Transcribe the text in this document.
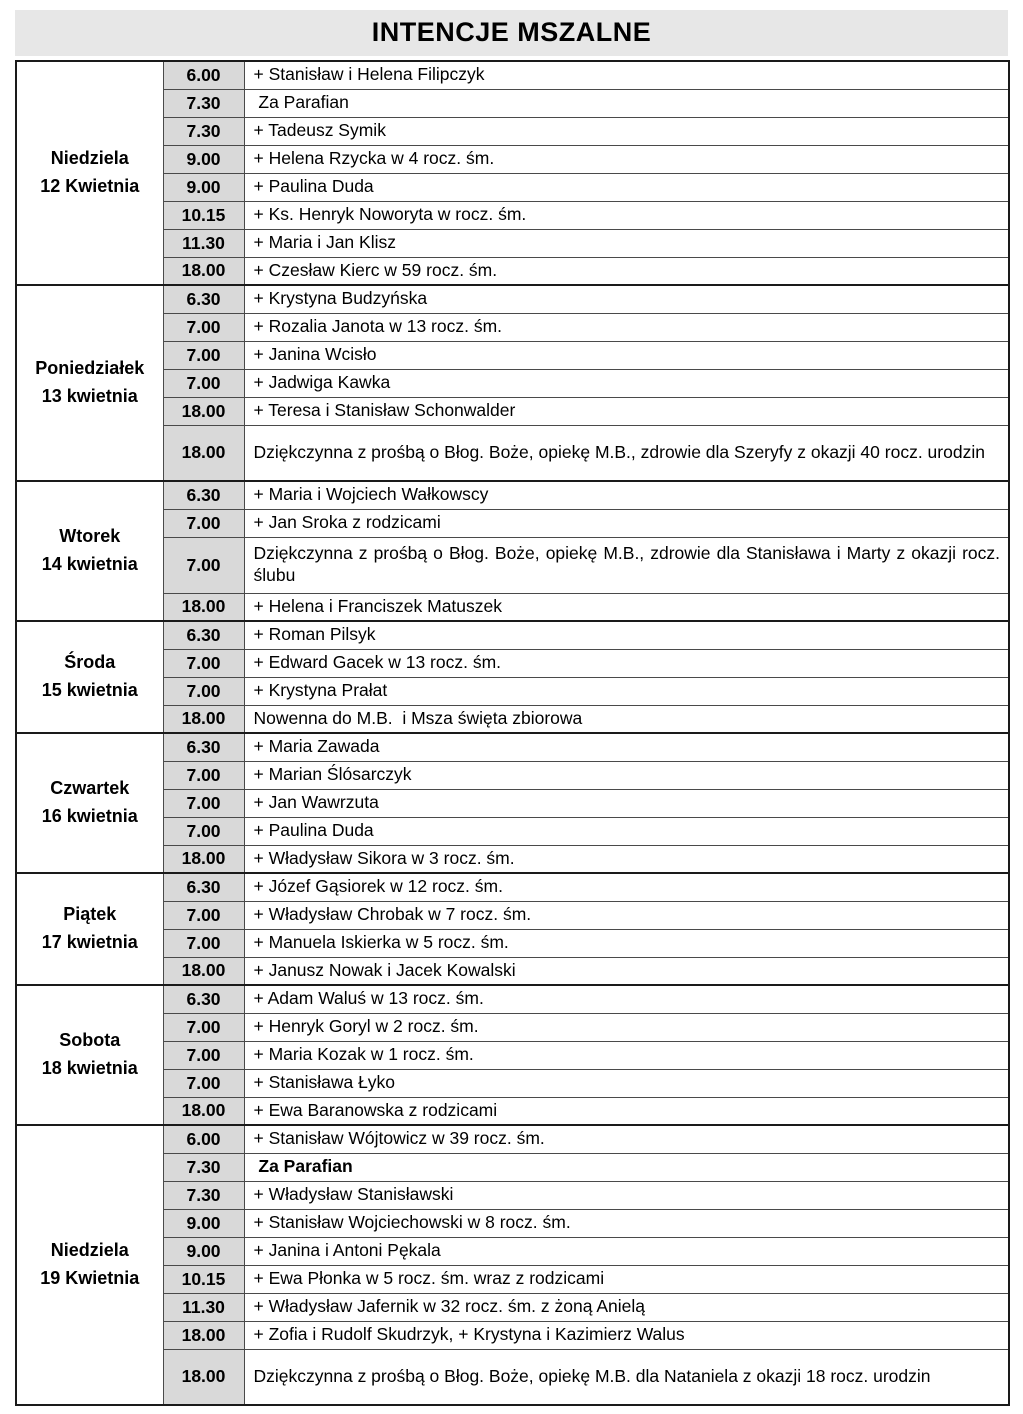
INTENCJE MSZALNE
Niedziela
12 Kwietnia	6.00	+ Stanisław i Helena Filipczyk
	7.30	Za Parafian
	7.30	+ Tadeusz Symik
	9.00	+ Helena Rzycka w 4 rocz. śm.
	9.00	+ Paulina Duda
	10.15	+ Ks. Henryk Noworyta w rocz. śm.
	11.30	+ Maria i Jan Klisz
	18.00	+ Czesław Kierc w 59 rocz. śm.

Poniedziałek
13 kwietnia	6.30	+ Krystyna Budzyńska
	7.00	+ Rozalia Janota w 13 rocz. śm.
	7.00	+ Janina Wcisło
	7.00	+ Jadwiga Kawka
	18.00	+ Teresa i Stanisław Schonwalder
	18.00	Dziękczynna z prośbą o Błog. Boże, opiekę M.B., zdrowie dla Szeryfy z okazji 40 rocz. urodzin

Wtorek
14 kwietnia	6.30	+ Maria i Wojciech Wałkowscy
	7.00	+ Jan Sroka z rodzicami
	7.00	Dziękczynna z prośbą o Błog. Boże, opiekę M.B., zdrowie dla Stanisława i Marty z okazji rocz. ślubu
	18.00	+ Helena i Franciszek Matuszek

Środa
15 kwietnia	6.30	+ Roman Pilsyk
	7.00	+ Edward Gacek w 13 rocz. śm.
	7.00	+ Krystyna Prałat
	18.00	Nowenna do M.B.  i Msza święta zbiorowa

Czwartek
16 kwietnia	6.30	+ Maria Zawada
	7.00	+ Marian Ślósarczyk
	7.00	+ Jan Wawrzuta
	7.00	+ Paulina Duda
	18.00	+ Władysław Sikora w 3 rocz. śm.

Piątek
17 kwietnia	6.30	+ Józef Gąsiorek w 12 rocz. śm.
	7.00	+ Władysław Chrobak w 7 rocz. śm.
	7.00	+ Manuela Iskierka w 5 rocz. śm.
	18.00	+ Janusz Nowak i Jacek Kowalski

Sobota
18 kwietnia	6.30	+ Adam Waluś w 13 rocz. śm.
	7.00	+ Henryk Goryl w 2 rocz. śm.
	7.00	+ Maria Kozak w 1 rocz. śm.
	7.00	+ Stanisława Łyko
	18.00	+ Ewa Baranowska z rodzicami

Niedziela
19 Kwietnia	6.00	+ Stanisław Wójtowicz w 39 rocz. śm.
	7.30	Za Parafian
	7.30	+ Władysław Stanisławski
	9.00	+ Stanisław Wojciechowski w 8 rocz. śm.
	9.00	+ Janina i Antoni Pękala
	10.15	+ Ewa Płonka w 5 rocz. śm. wraz z rodzicami
	11.30	+ Władysław Jafernik w 32 rocz. śm. z żoną Anielą
	18.00	+ Zofia i Rudolf Skudrzyk, + Krystyna i Kazimierz Walus
	18.00	Dziękczynna z prośbą o Błog. Boże, opiekę M.B. dla Nataniela z okazji 18 rocz. urodzin
